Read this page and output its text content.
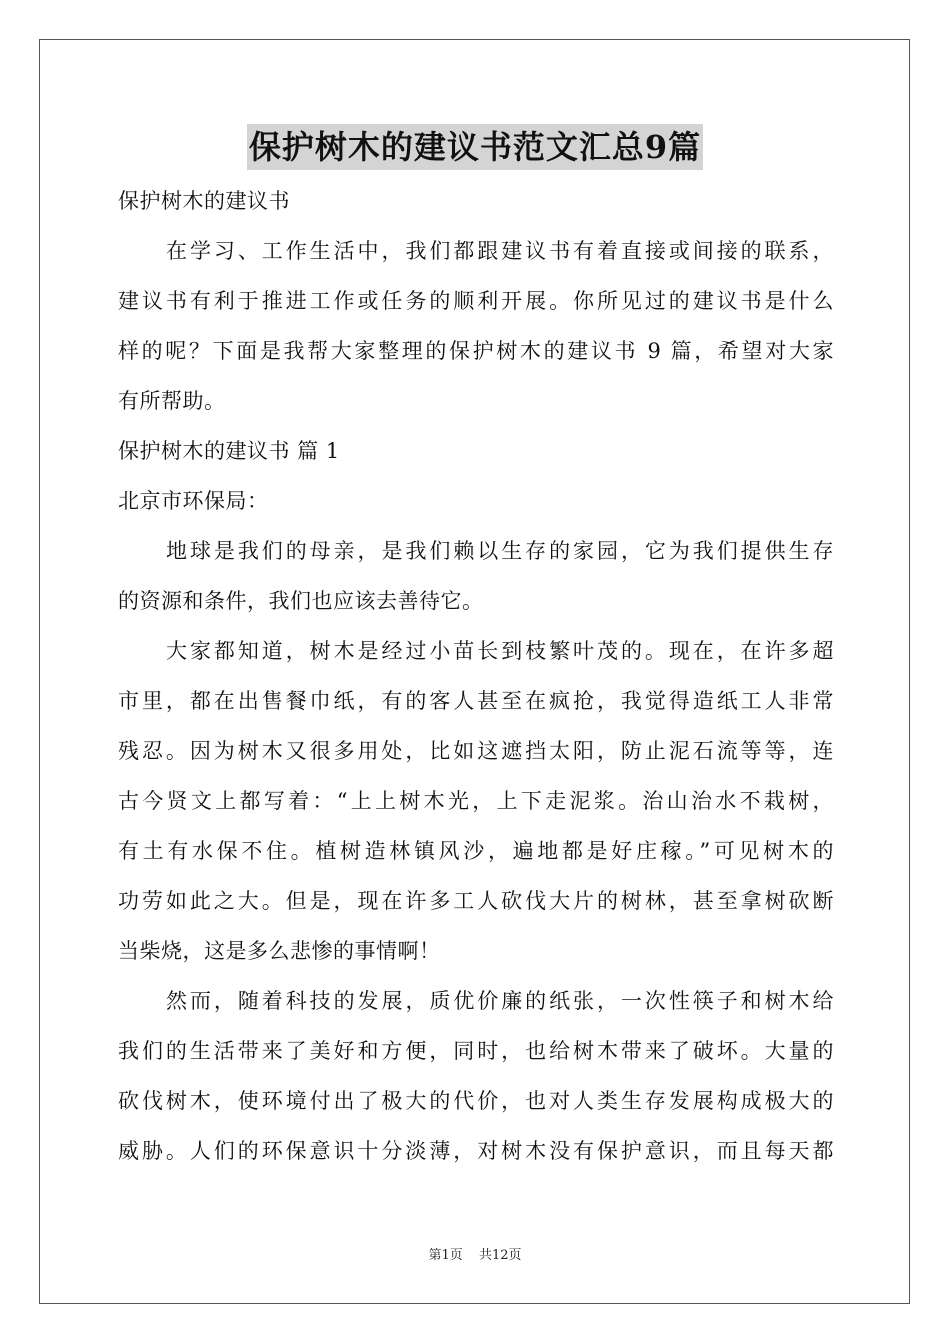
保护树木的建议书范文汇总9篇
保护树木的建议书
在学习、工作生活中，我们都跟建议书有着直接或间接的联系，
建议书有利于推进工作或任务的顺利开展。你所见过的建议书是什么
样的呢？下面是我帮大家整理的保护树木的建议书 9 篇，希望对大家
有所帮助。
保护树木的建议书 篇 1
北京市环保局：
地球是我们的母亲，是我们赖以生存的家园，它为我们提供生存
的资源和条件，我们也应该去善待它。
大家都知道，树木是经过小苗长到枝繁叶茂的。现在，在许多超
市里，都在出售餐巾纸，有的客人甚至在疯抢，我觉得造纸工人非常
残忍。因为树木又很多用处，比如这遮挡太阳，防止泥石流等等，连
古今贤文上都写着：“上上树木光，上下走泥浆。治山治水不栽树，
有土有水保不住。植树造林镇风沙，遍地都是好庄稼。”可见树木的
功劳如此之大。但是，现在许多工人砍伐大片的树林，甚至拿树砍断
当柴烧，这是多么悲惨的事情啊！
然而，随着科技的发展，质优价廉的纸张，一次性筷子和树木给
我们的生活带来了美好和方便，同时，也给树木带来了破坏。大量的
砍伐树木，使环境付出了极大的代价，也对人类生存发展构成极大的
威胁。人们的环保意识十分淡薄，对树木没有保护意识，而且每天都
第1页 共12页
